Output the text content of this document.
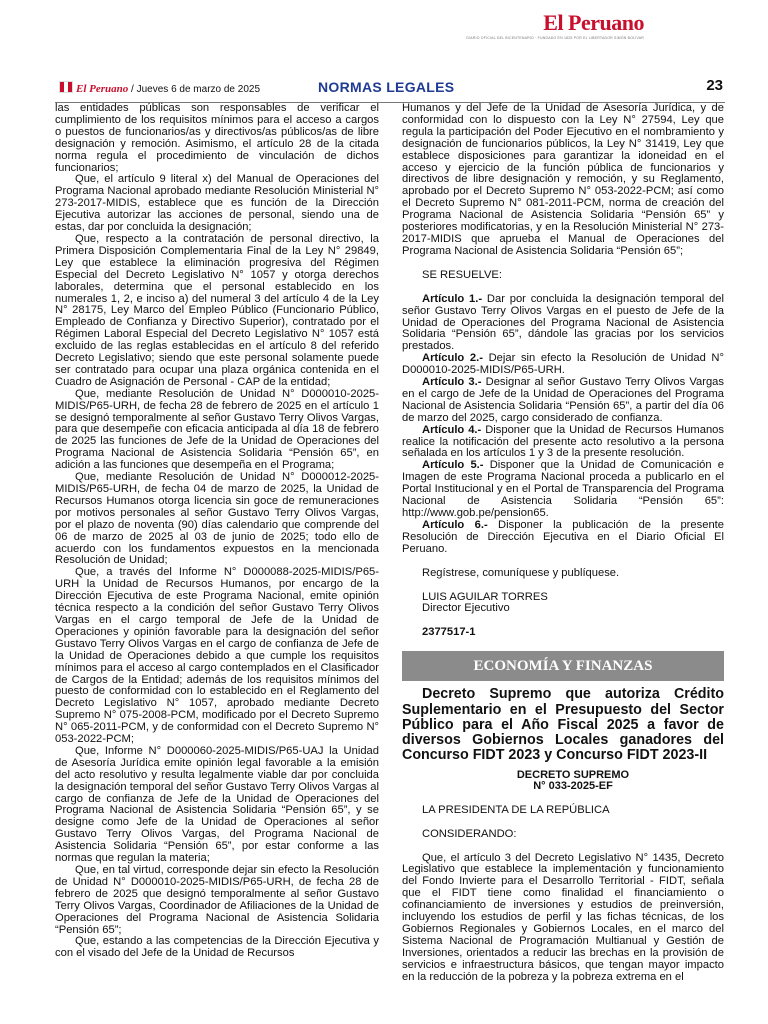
El Peruano
DIARIO OFICIAL DEL BICENTENARIO · FUNDADO EN 1825 POR EL LIBERTADOR SIMÓN BOLÍVAR
El Peruano / Jueves 6 de marzo de 2025	NORMAS LEGALES	23

las entidades públicas son responsables de verificar el cumplimiento de los requisitos mínimos para el acceso a cargos o puestos de funcionarios/as y directivos/as públicos/as de libre designación y remoción. Asimismo, el artículo 28 de la citada norma regula el procedimiento de vinculación de dichos funcionarios;

Que, el artículo 9 literal x) del Manual de Operaciones del Programa Nacional aprobado mediante Resolución Ministerial N° 273-2017-MIDIS, establece que es función de la Dirección Ejecutiva autorizar las acciones de personal, siendo una de estas, dar por concluida la designación;

Que, respecto a la contratación de personal directivo, la Primera Disposición Complementaria Final de la Ley N° 29849, Ley que establece la eliminación progresiva del Régimen Especial del Decreto Legislativo N° 1057 y otorga derechos laborales, determina que el personal establecido en los numerales 1, 2, e inciso a) del numeral 3 del artículo 4 de la Ley N° 28175, Ley Marco del Empleo Público (Funcionario Público, Empleado de Confianza y Directivo Superior), contratado por el Régimen Laboral Especial del Decreto Legislativo N° 1057 está excluido de las reglas establecidas en el artículo 8 del referido Decreto Legislativo; siendo que este personal solamente puede ser contratado para ocupar una plaza orgánica contenida en el Cuadro de Asignación de Personal - CAP de la entidad;

Que, mediante Resolución de Unidad N° D000010-2025-MIDIS/P65-URH, de fecha 28 de febrero de 2025 en el artículo 1 se designó temporalmente al señor Gustavo Terry Olivos Vargas, para que desempeñe con eficacia anticipada al día 18 de febrero de 2025 las funciones de Jefe de la Unidad de Operaciones del Programa Nacional de Asistencia Solidaria “Pensión 65”, en adición a las funciones que desempeña en el Programa;

Que, mediante Resolución de Unidad N° D000012-2025-MIDIS/P65-URH, de fecha 04 de marzo de 2025, la Unidad de Recursos Humanos otorga licencia sin goce de remuneraciones por motivos personales al señor Gustavo Terry Olivos Vargas, por el plazo de noventa (90) días calendario que comprende del 06 de marzo de 2025 al 03 de junio de 2025; todo ello de acuerdo con los fundamentos expuestos en la mencionada Resolución de Unidad;

Que, a través del Informe N° D000088-2025-MIDIS/P65-URH la Unidad de Recursos Humanos, por encargo de la Dirección Ejecutiva de este Programa Nacional, emite opinión técnica respecto a la condición del señor Gustavo Terry Olivos Vargas en el cargo temporal de Jefe de la Unidad de Operaciones y opinión favorable para la designación del señor Gustavo Terry Olivos Vargas en el cargo de confianza de Jefe de la Unidad de Operaciones debido a que cumple los requisitos mínimos para el acceso al cargo contemplados en el Clasificador de Cargos de la Entidad; además de los requisitos mínimos del puesto de conformidad con lo establecido en el Reglamento del Decreto Legislativo N° 1057, aprobado mediante Decreto Supremo N° 075-2008-PCM, modificado por el Decreto Supremo N° 065-2011-PCM, y de conformidad con el Decreto Supremo N° 053-2022-PCM;

Que, Informe N° D000060-2025-MIDIS/P65-UAJ la Unidad de Asesoría Jurídica emite opinión legal favorable a la emisión del acto resolutivo y resulta legalmente viable dar por concluida la designación temporal del señor Gustavo Terry Olivos Vargas al cargo de confianza de Jefe de la Unidad de Operaciones del Programa Nacional de Asistencia Solidaria “Pensión 65”, y se designe como Jefe de la Unidad de Operaciones al señor Gustavo Terry Olivos Vargas, del Programa Nacional de Asistencia Solidaria “Pensión 65”, por estar conforme a las normas que regulan la materia;

Que, en tal virtud, corresponde dejar sin efecto la Resolución de Unidad N° D000010-2025-MIDIS/P65-URH, de fecha 28 de febrero de 2025 que designó temporalmente al señor Gustavo Terry Olivos Vargas, Coordinador de Afiliaciones de la Unidad de Operaciones del Programa Nacional de Asistencia Solidaria “Pensión 65”;

Que, estando a las competencias de la Dirección Ejecutiva y con el visado del Jefe de la Unidad de Recursos

Humanos y del Jefe de la Unidad de Asesoría Jurídica, y de conformidad con lo dispuesto con la Ley N° 27594, Ley que regula la participación del Poder Ejecutivo en el nombramiento y designación de funcionarios públicos, la Ley N° 31419, Ley que establece disposiciones para garantizar la idoneidad en el acceso y ejercicio de la función pública de funcionarios y directivos de libre designación y remoción, y su Reglamento, aprobado por el Decreto Supremo N° 053-2022-PCM; así como el Decreto Supremo N° 081-2011-PCM, norma de creación del Programa Nacional de Asistencia Solidaria “Pensión 65” y posteriores modificatorias, y en la Resolución Ministerial N° 273-2017-MIDIS que aprueba el Manual de Operaciones del Programa Nacional de Asistencia Solidaria “Pensión 65”;

SE RESUELVE:

Artículo 1.- Dar por concluida la designación temporal del señor Gustavo Terry Olivos Vargas en el puesto de Jefe de la Unidad de Operaciones del Programa Nacional de Asistencia Solidaria “Pensión 65”, dándole las gracias por los servicios prestados.

Artículo 2.- Dejar sin efecto la Resolución de Unidad N° D000010-2025-MIDIS/P65-URH.

Artículo 3.- Designar al señor Gustavo Terry Olivos Vargas en el cargo de Jefe de la Unidad de Operaciones del Programa Nacional de Asistencia Solidaria “Pensión 65”, a partir del día 06 de marzo del 2025, cargo considerado de confianza.

Artículo 4.- Disponer que la Unidad de Recursos Humanos realice la notificación del presente acto resolutivo a la persona señalada en los artículos 1 y 3 de la presente resolución.

Artículo 5.- Disponer que la Unidad de Comunicación e Imagen de este Programa Nacional proceda a publicarlo en el Portal Institucional y en el Portal de Transparencia del Programa Nacional de Asistencia Solidaria “Pensión 65”: http://www.gob.pe/pension65.

Artículo 6.- Disponer la publicación de la presente Resolución de Dirección Ejecutiva en el Diario Oficial El Peruano.

Regístrese, comuníquese y publíquese.

LUIS AGUILAR TORRES

Director Ejecutivo

2377517-1

ECONOMÍA Y FINANZAS

Decreto Supremo que autoriza Crédito Suplementario en el Presupuesto del Sector Público para el Año Fiscal 2025 a favor de diversos Gobiernos Locales ganadores del Concurso FIDT 2023 y Concurso FIDT 2023-II

DECRETO SUPREMO

N° 033-2025-EF

LA PRESIDENTA DE LA REPÚBLICA

CONSIDERANDO:

Que, el artículo 3 del Decreto Legislativo N° 1435, Decreto Legislativo que establece la implementación y funcionamiento del Fondo Invierte para el Desarrollo Territorial - FIDT, señala que el FIDT tiene como finalidad el financiamiento o cofinanciamiento de inversiones y estudios de preinversión, incluyendo los estudios de perfil y las fichas técnicas, de los Gobiernos Regionales y Gobiernos Locales, en el marco del Sistema Nacional de Programación Multianual y Gestión de Inversiones, orientados a reducir las brechas en la provisión de servicios e infraestructura básicos, que tengan mayor impacto en la reducción de la pobreza y la pobreza extrema en el
